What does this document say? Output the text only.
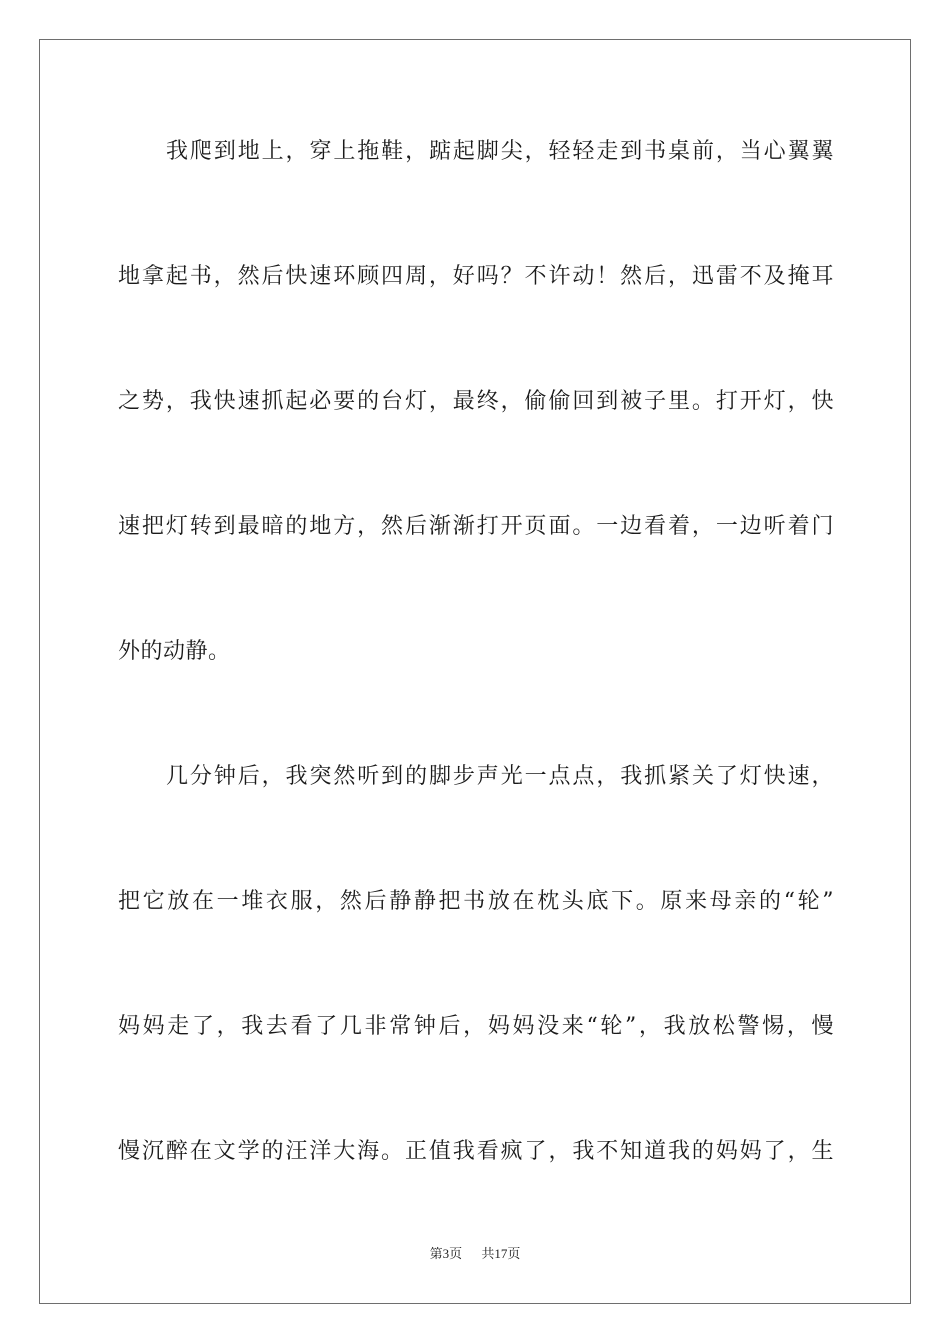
我爬到地上，穿上拖鞋，踮起脚尖，轻轻走到书桌前，当心翼翼
地拿起书，然后快速环顾四周，好吗？不许动！然后，迅雷不及掩耳
之势，我快速抓起必要的台灯，最终，偷偷回到被子里。打开灯，快
速把灯转到最暗的地方，然后渐渐打开页面。一边看着，一边听着门
外的动静。
几分钟后，我突然听到的脚步声光一点点，我抓紧关了灯快速，
把它放在一堆衣服，然后静静把书放在枕头底下。原来母亲的“轮”
妈妈走了，我去看了几非常钟后，妈妈没来“轮”，我放松警惕，慢
慢沉醉在文学的汪洋大海。正值我看疯了，我不知道我的妈妈了，生
第3页 共17页
